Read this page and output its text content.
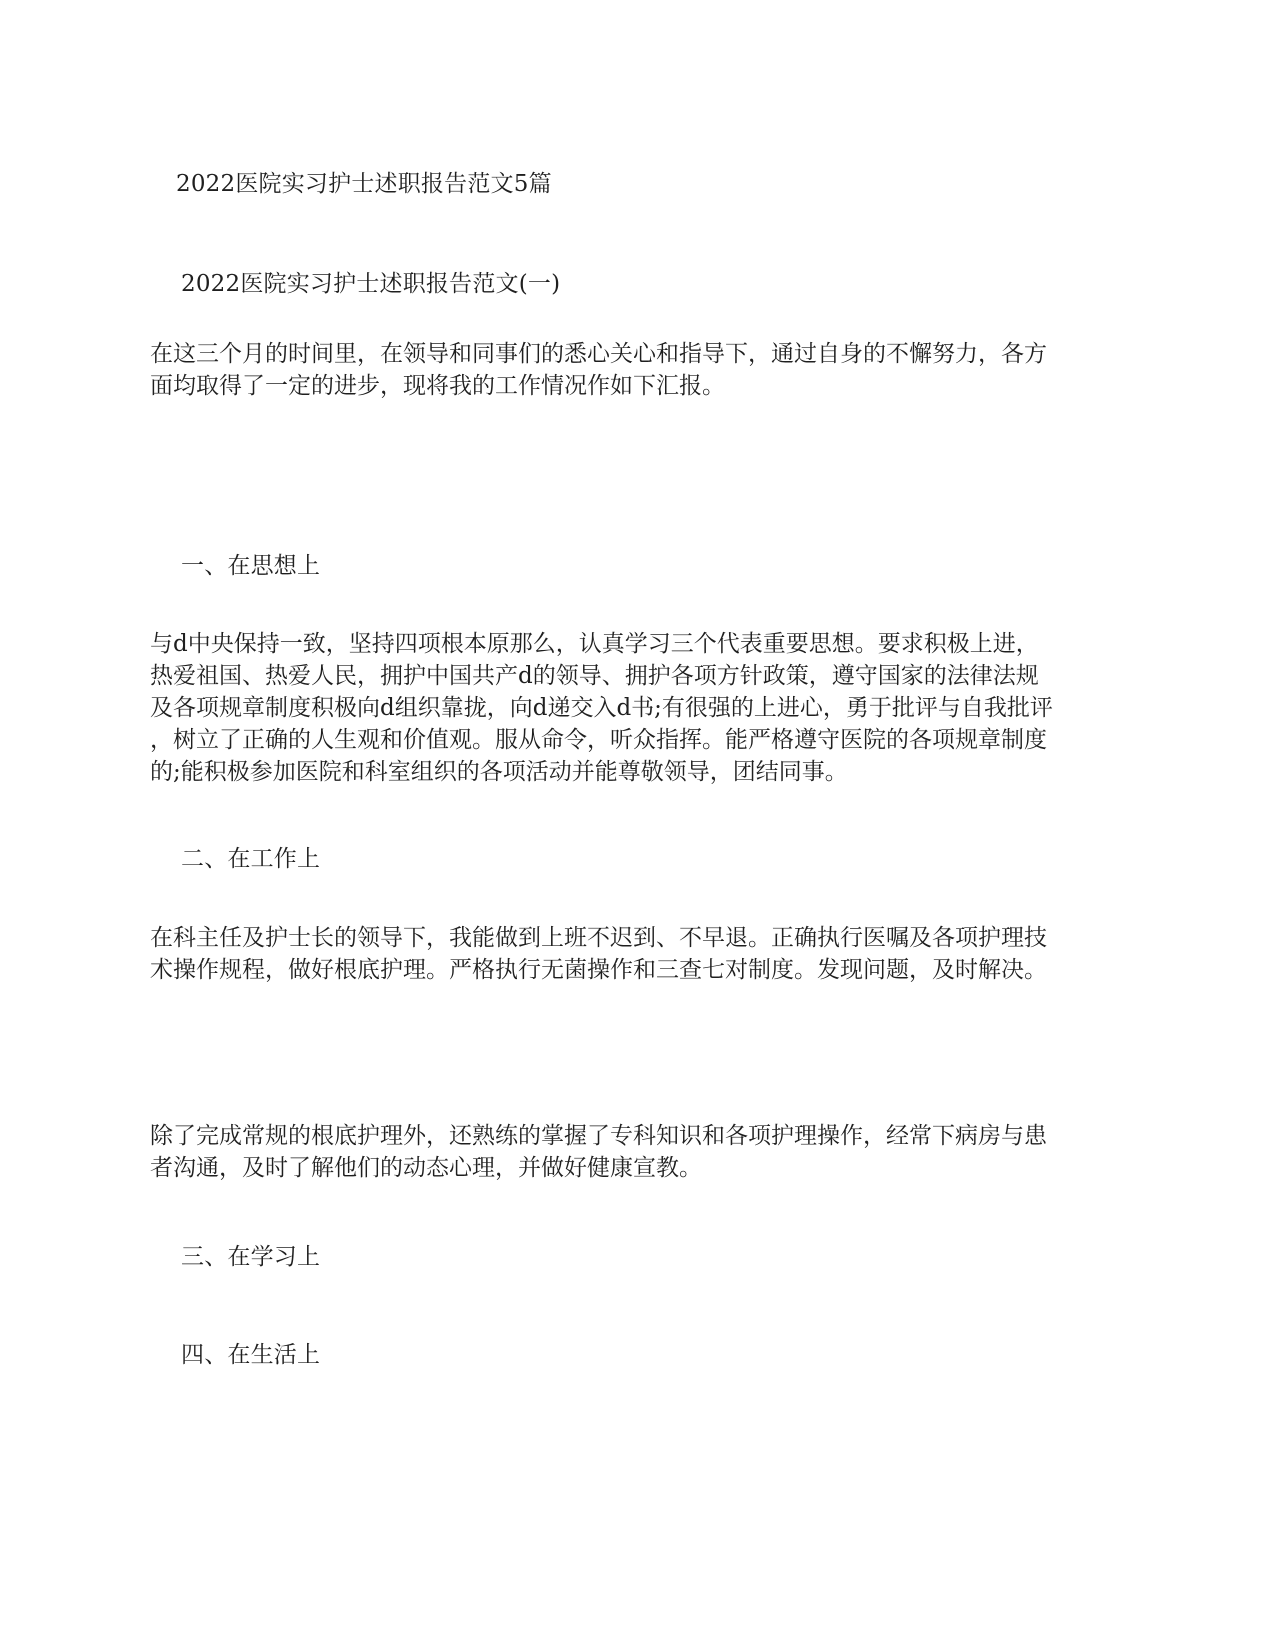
2022医院实习护士述职报告范文5篇
2022医院实习护士述职报告范文(一)
在这三个月的时间里，在领导和同事们的悉心关心和指导下，通过自身的不懈努力，各方
面均取得了一定的进步，现将我的工作情况作如下汇报。
一、在思想上
与d中央保持一致，坚持四项根本原那么，认真学习三个代表重要思想。要求积极上进，
热爱祖国、热爱人民，拥护中国共产d的领导、拥护各项方针政策，遵守国家的法律法规
及各项规章制度积极向d组织靠拢，向d递交入d书;有很强的上进心，勇于批评与自我批评
，树立了正确的人生观和价值观。服从命令，听众指挥。能严格遵守医院的各项规章制度
的;能积极参加医院和科室组织的各项活动并能尊敬领导，团结同事。
二、在工作上
在科主任及护士长的领导下，我能做到上班不迟到、不早退。正确执行医嘱及各项护理技
术操作规程，做好根底护理。严格执行无菌操作和三查七对制度。发现问题，及时解决。
除了完成常规的根底护理外，还熟练的掌握了专科知识和各项护理操作，经常下病房与患
者沟通，及时了解他们的动态心理，并做好健康宣教。
三、在学习上
四、在生活上
